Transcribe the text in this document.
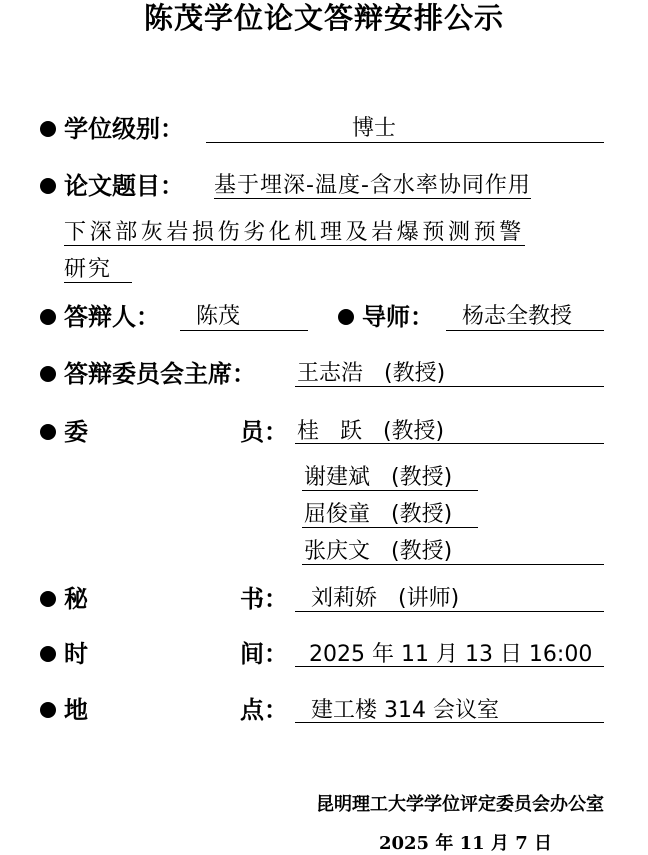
陈茂学位论文答辩安排公示
学位级别：	博士
论文题目： 基于埋深-温度-含水率协同作用
下深部灰岩损伤劣化机理及岩爆预测预警
研究
答辩人： 陈茂	导师： 杨志全教授
答辩委员会主席： 王志浩   (教授)
委	员： 桂   跃   (教授)
谢建斌   (教授)
屈俊童   (教授)
张庆文   (教授)
秘	书： 刘莉娇   (讲师)
时	间： 2025 年 11 月 13 日 16:00
地	点： 建工楼 314 会议室
昆明理工大学学位评定委员会办公室
2025 年 11 月 7 日
